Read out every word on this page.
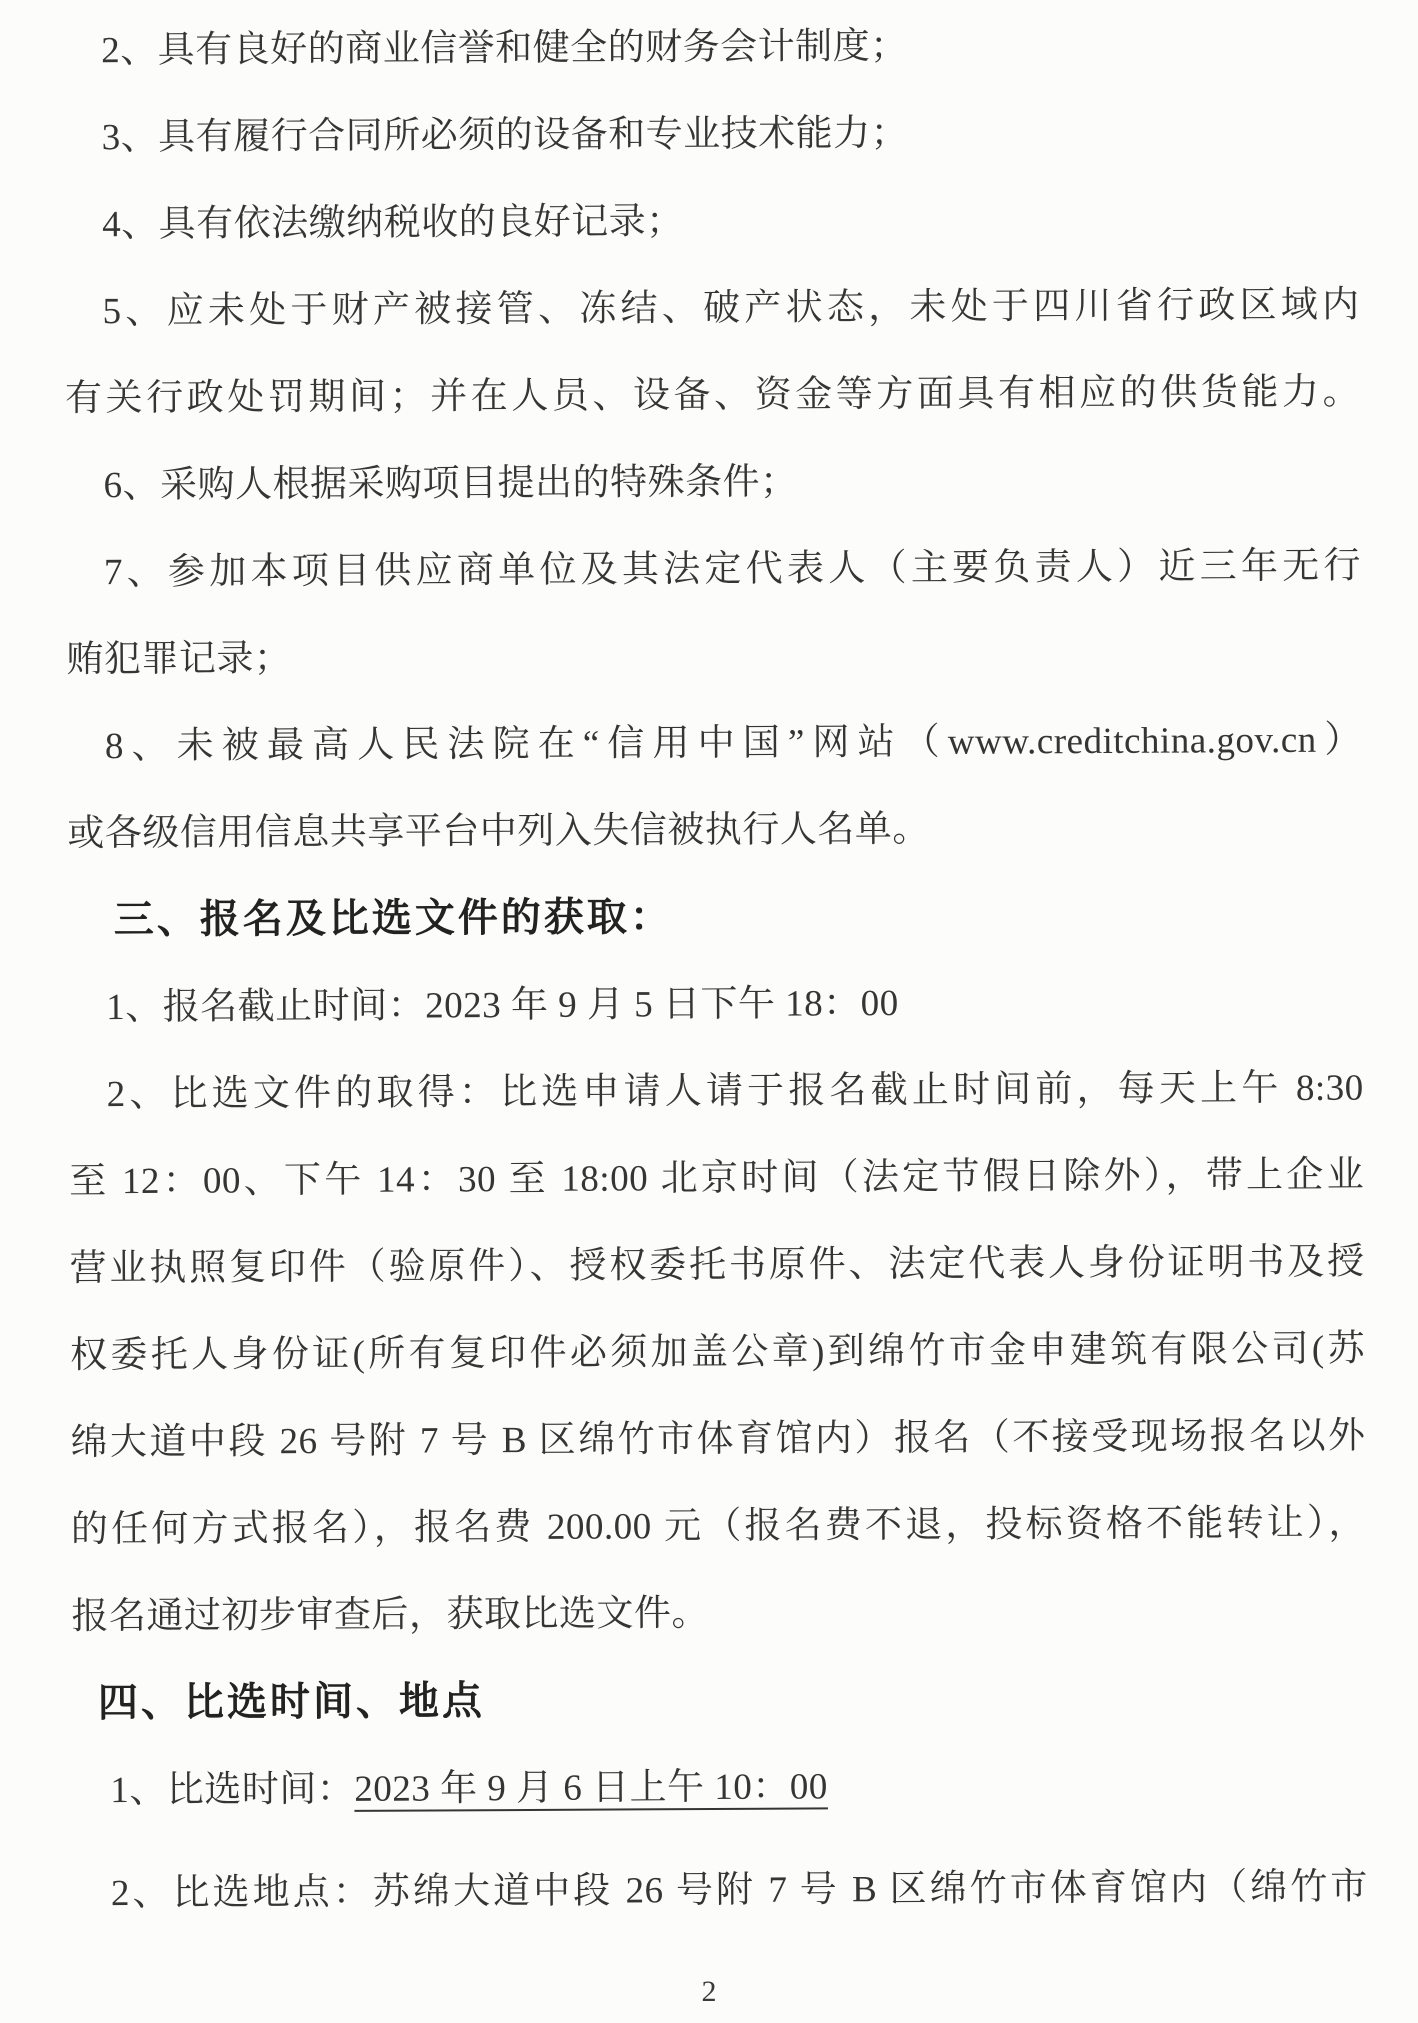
2、具有良好的商业信誉和健全的财务会计制度；
3、具有履行合同所必须的设备和专业技术能力；
4、具有依法缴纳税收的良好记录；
5、应未处于财产被接管、冻结、破产状态，未处于四川省行政区域内
有关行政处罚期间；并在人员、设备、资金等方面具有相应的供货能力。
6、采购人根据采购项目提出的特殊条件；
7、参加本项目供应商单位及其法定代表人（主要负责人）近三年无行
贿犯罪记录；
8、未被最高人民法院在“信用中国”网站（www.creditchina.gov.cn）
或各级信用信息共享平台中列入失信被执行人名单。
三、报名及比选文件的获取：
1、报名截止时间：2023 年 9 月 5 日下午 18：00
2、比选文件的取得：比选申请人请于报名截止时间前，每天上午 8:30
至 12：00、下午 14：30 至 18:00 北京时间（法定节假日除外），带上企业
营业执照复印件（验原件）、授权委托书原件、法定代表人身份证明书及授
权委托人身份证(所有复印件必须加盖公章)到绵竹市金申建筑有限公司(苏
绵大道中段 26 号附 7 号 B 区绵竹市体育馆内）报名（不接受现场报名以外
的任何方式报名），报名费 200.00 元（报名费不退，投标资格不能转让），
报名通过初步审查后，获取比选文件。
四、比选时间、地点
1、比选时间：2023 年 9 月 6 日上午 10：00
2、比选地点：苏绵大道中段 26 号附 7 号 B 区绵竹市体育馆内（绵竹市
2
